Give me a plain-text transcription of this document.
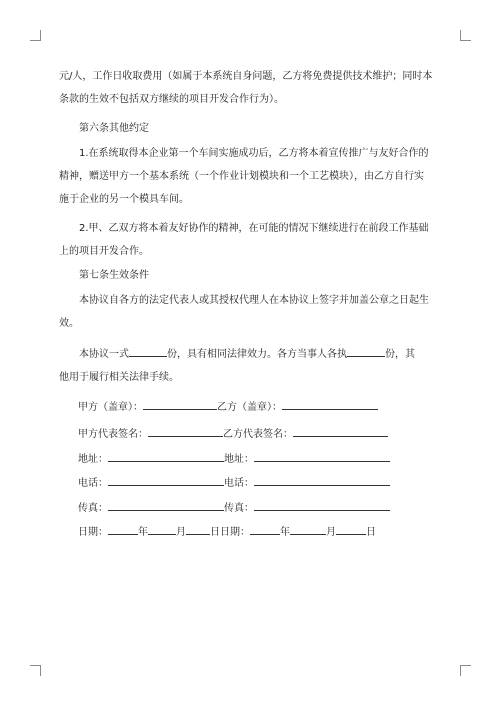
元/人，工作日收取费用（如属于本系统自身问题，乙方将免费提供技术维护；同时本
条款的生效不包括双方继续的项目开发合作行为）。

第六条其他约定

1.在系统取得本企业第一个车间实施成功后，乙方将本着宣传推广与友好合作的
精神，赠送甲方一个基本系统（一个作业计划模块和一个工艺模块），由乙方自行实
施于企业的另一个模具车间。

2.甲、乙双方将本着友好协作的精神，在可能的情况下继续进行在前段工作基础
上的项目开发合作。

第七条生效条件

本协议自各方的法定代表人或其授权代理人在本协议上签字并加盖公章之日起生
效。

本协议一式	份，具有相同法律效力。各方当事人各执	份，其
他用于履行相关法律手续。

甲方（盖章）：	乙方（盖章）：
甲方代表签名：	乙方代表签名：
地址：	地址：
电话：	电话：
传真：	传真：
日期：	年	月 日日期：	年	月	日
